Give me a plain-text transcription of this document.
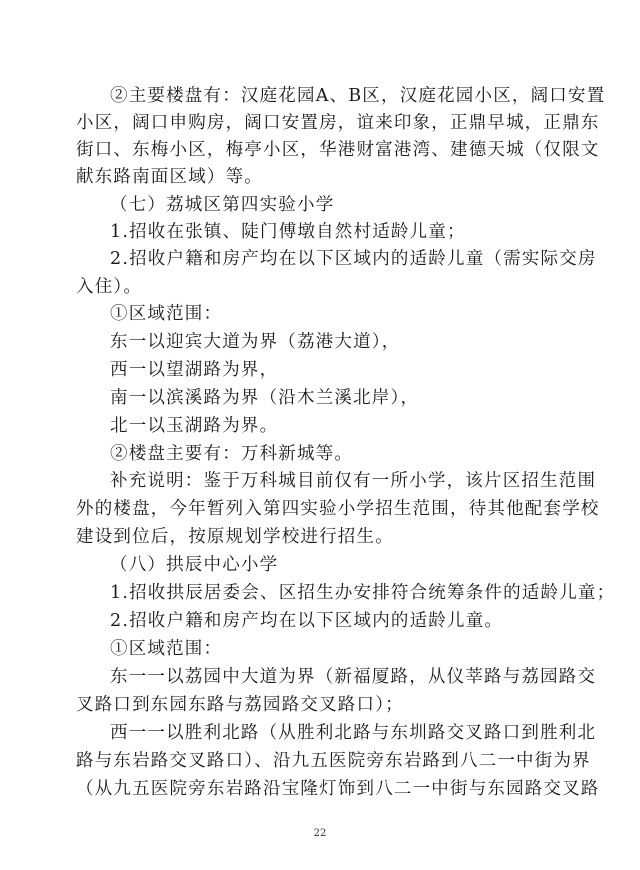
②主要楼盘有：汉庭花园A、B区，汉庭花园小区，阔口安置
小区，阔口申购房，阔口安置房，谊来印象，正鼎早城，正鼎东
街口、东梅小区，梅亭小区，华港财富港湾、建德天城（仅限文
献东路南面区域）等。
（七）荔城区第四实验小学
1.招收在张镇、陡门傅墩自然村适龄儿童；
2.招收户籍和房产均在以下区域内的适龄儿童（需实际交房
入住）。
①区域范围：
东一以迎宾大道为界（荔港大道），
西一以望湖路为界，
南一以滨溪路为界（沿木兰溪北岸），
北一以玉湖路为界。
②楼盘主要有：万科新城等。
补充说明：鉴于万科城目前仅有一所小学，该片区招生范围
外的楼盘，今年暂列入第四实验小学招生范围，待其他配套学校
建设到位后，按原规划学校进行招生。
（八）拱辰中心小学
1.招收拱辰居委会、区招生办安排符合统筹条件的适龄儿童；
2.招收户籍和房产均在以下区域内的适龄儿童。
①区域范围：
东一一以荔园中大道为界（新福厦路，从仪莘路与荔园路交
叉路口到东园东路与荔园路交叉路口）；
西一一以胜利北路（从胜利北路与东圳路交叉路口到胜利北
路与东岩路交叉路口）、沿九五医院旁东岩路到八二一中街为界
（从九五医院旁东岩路沿宝隆灯饰到八二一中街与东园路交叉路
22
